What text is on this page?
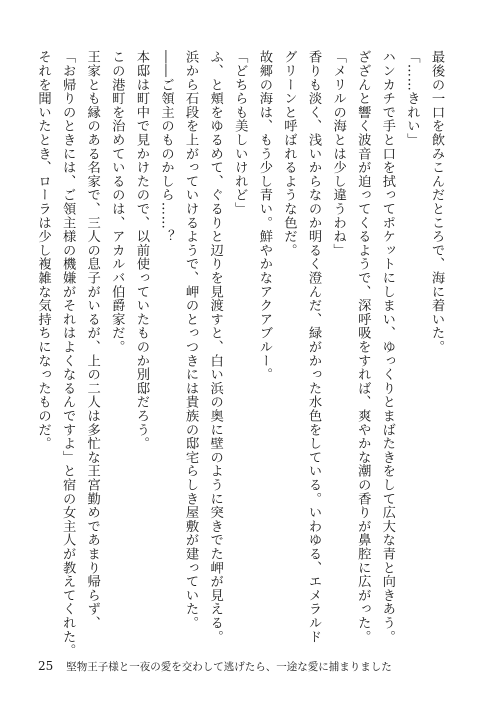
最後の一口を飲みこんだところで、海に着いた。

「……きれい」

ハンカチで手と口を拭ってポケットにしまい、ゆっくりとまばたきをして広大な青と向きあう。

ざざんと響く波音が迫ってくるようで、深呼吸をすれば、爽やかな潮の香りが鼻腔に広がった。

「メリルの海とは少し違うわね」

香りも淡く、浅いからなのか明るく澄んだ、緑がかった水色をしている。いわゆる、エメラルド

グリーンと呼ばれるような色だ。

故郷の海は、もう少し青い。鮮やかなアクアブルー。

「どちらも美しいけれど」

ふ、と頬をゆるめて、ぐるりと辺りを見渡すと、白い浜の奥に壁のように突きでた岬が見える。

浜から石段を上がっていけるようで、岬のとっつきには貴族の邸宅らしき屋敷が建っていた。

――ご領主のものかしら……？

本邸は町中で見かけたので、以前使っていたものか別邸だろう。

この港町を治めているのは、アカルバ伯爵家だ。

王家とも縁のある名家で、三人の息子がいるが、上の二人は多忙な王宮勤めであまり帰らず、

「お帰りのときには、ご領主様の機嫌がそれはよくなるんですよ」と宿の女主人が教えてくれた。

それを聞いたとき、ローラは少し複雑な気持ちになったものだ。

25 堅物王子様と一夜の愛を交わして逃げたら、一途な愛に捕まりました
